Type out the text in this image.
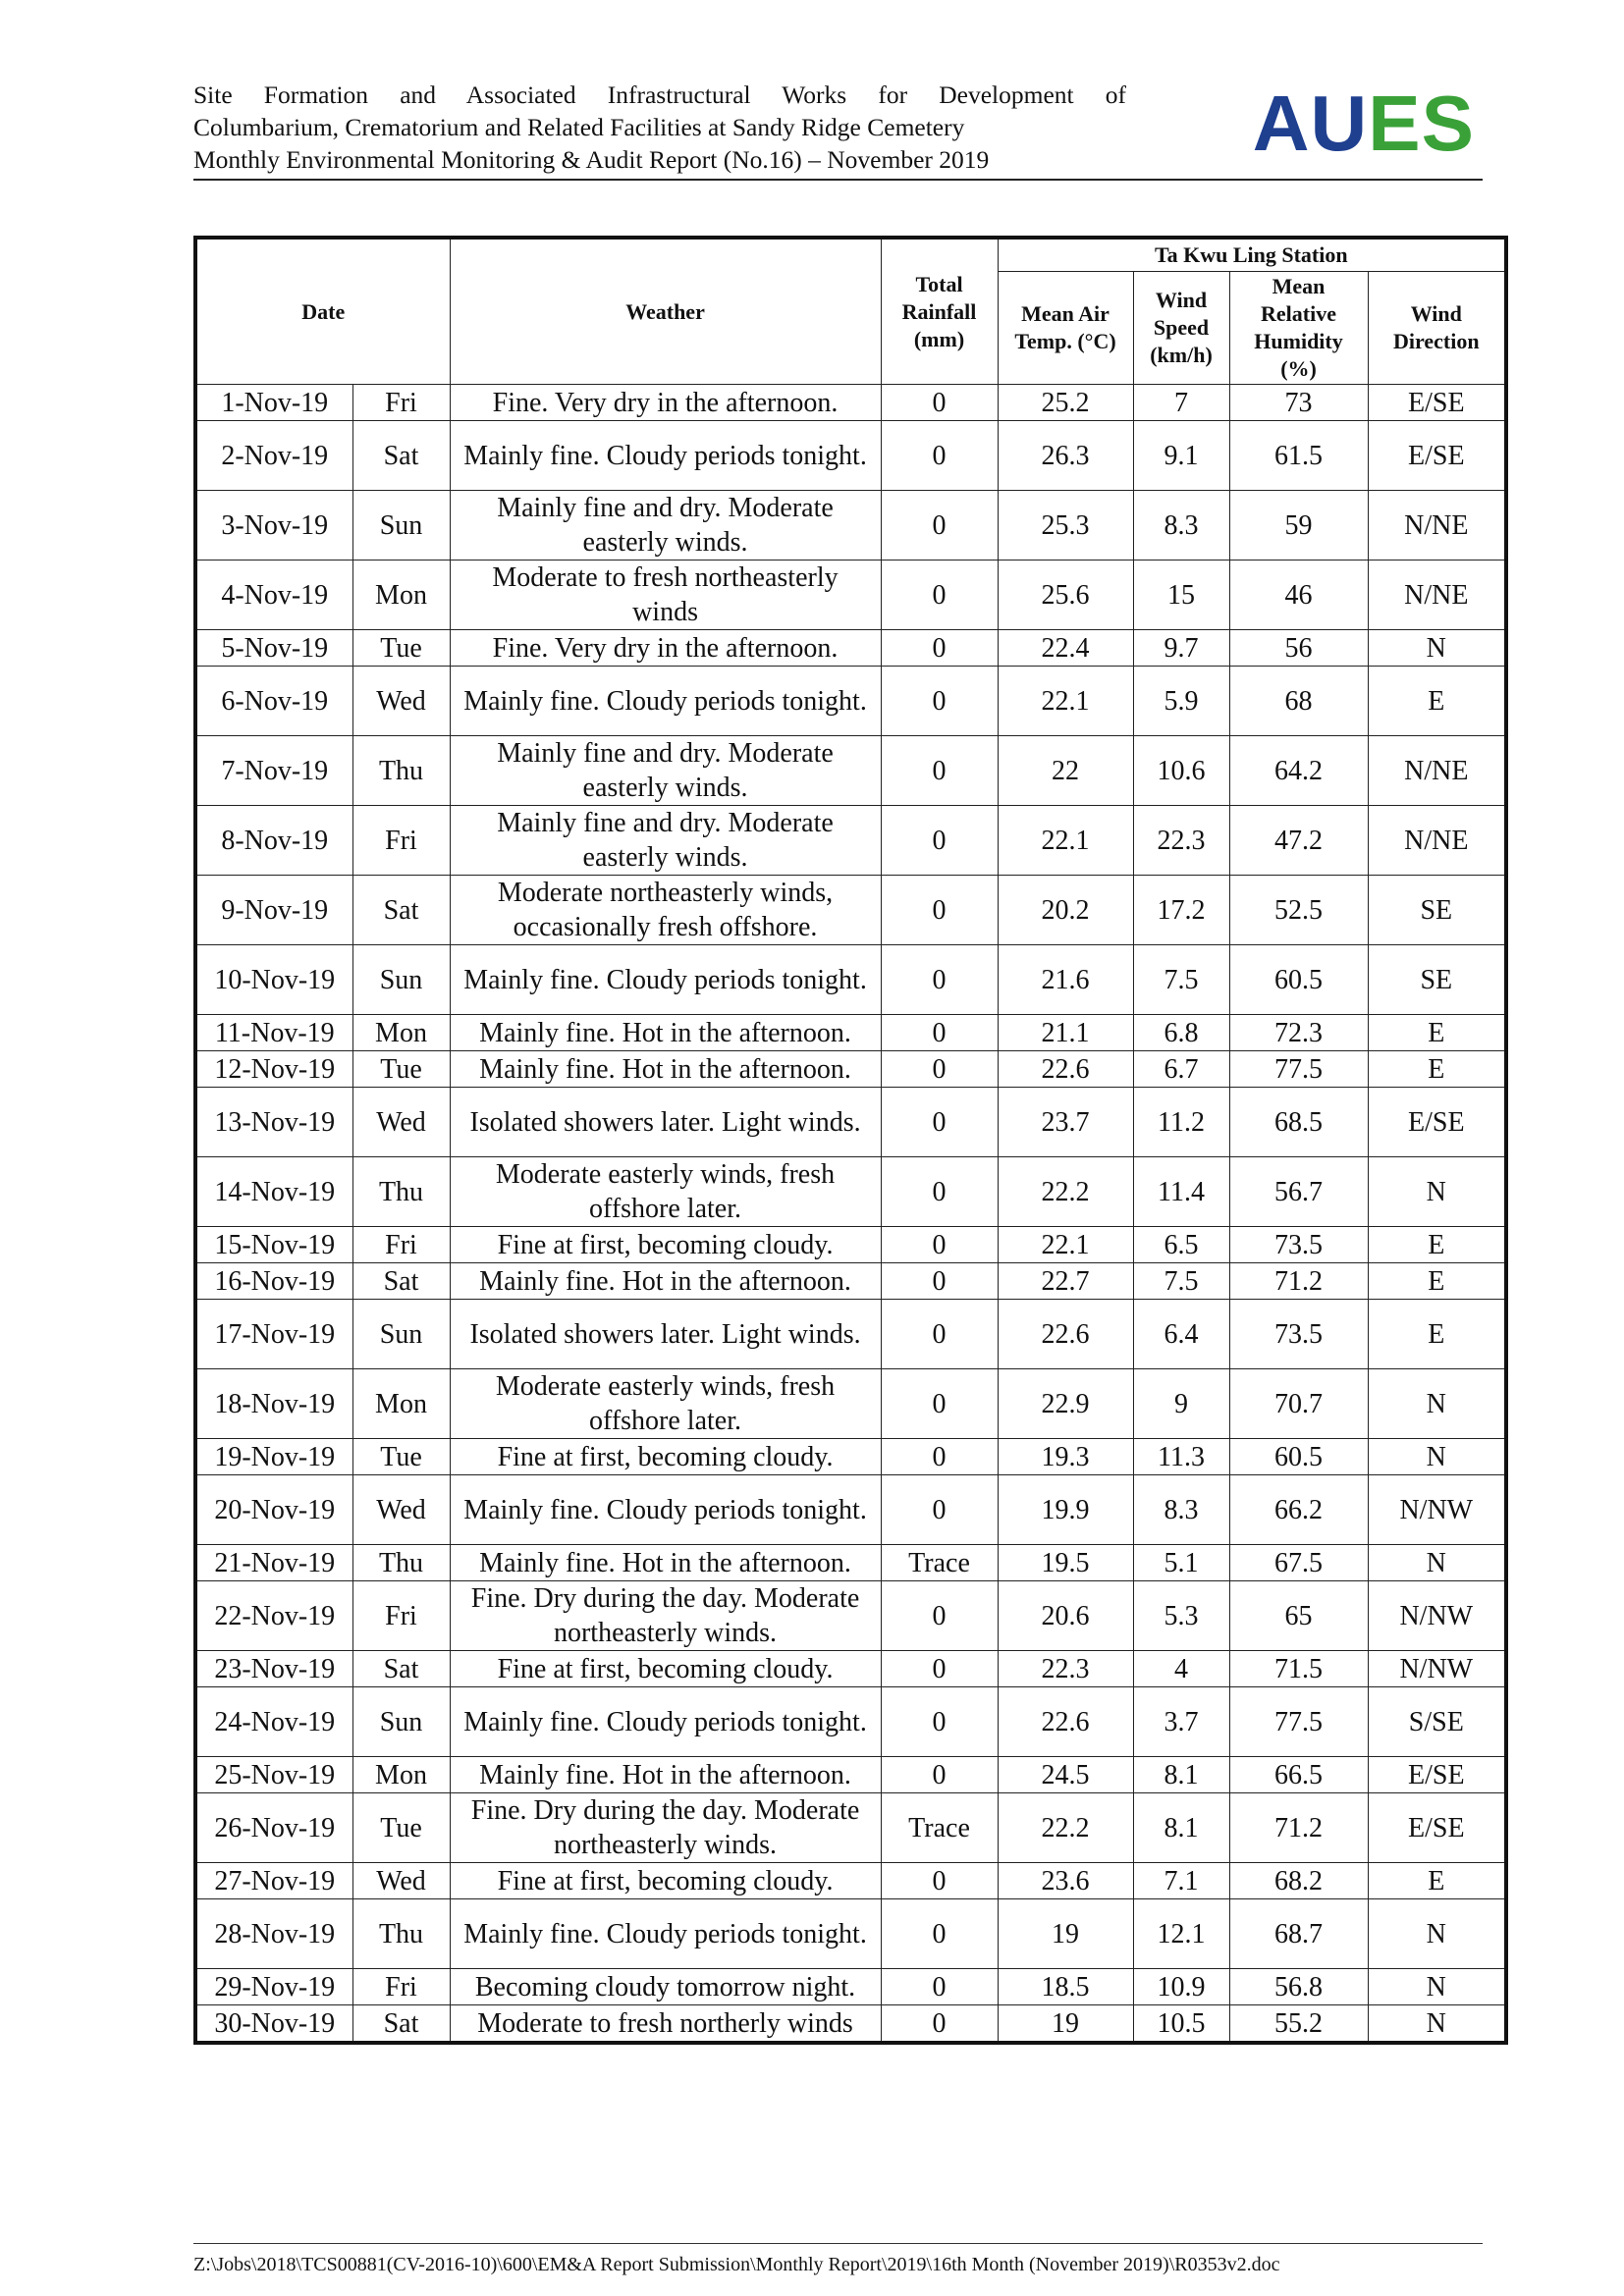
Site Formation and Associated Infrastructural Works for Development of
Columbarium, Crematorium and Related Facilities at Sandy Ridge Cemetery
Monthly Environmental Monitoring & Audit Report (No.16) – November 2019	AUES
Date		Weather	Total Rainfall (mm)	Ta Kwu Ling Station			
				Mean Air Temp. (°C)	Wind Speed (km/h)	Mean Relative Humidity (%)	Wind Direction
1-Nov-19	Fri	Fine. Very dry in the afternoon.	0	25.2	7	73	E/SE
2-Nov-19	Sat	Mainly fine. Cloudy periods tonight.	0	26.3	9.1	61.5	E/SE
3-Nov-19	Sun	Mainly fine and dry. Moderate easterly winds.	0	25.3	8.3	59	N/NE
4-Nov-19	Mon	Moderate to fresh northeasterly winds	0	25.6	15	46	N/NE
5-Nov-19	Tue	Fine. Very dry in the afternoon.	0	22.4	9.7	56	N
6-Nov-19	Wed	Mainly fine. Cloudy periods tonight.	0	22.1	5.9	68	E
7-Nov-19	Thu	Mainly fine and dry. Moderate easterly winds.	0	22	10.6	64.2	N/NE
8-Nov-19	Fri	Mainly fine and dry. Moderate easterly winds.	0	22.1	22.3	47.2	N/NE
9-Nov-19	Sat	Moderate northeasterly winds, occasionally fresh offshore.	0	20.2	17.2	52.5	SE
10-Nov-19	Sun	Mainly fine. Cloudy periods tonight.	0	21.6	7.5	60.5	SE
11-Nov-19	Mon	Mainly fine. Hot in the afternoon.	0	21.1	6.8	72.3	E
12-Nov-19	Tue	Mainly fine. Hot in the afternoon.	0	22.6	6.7	77.5	E
13-Nov-19	Wed	Isolated showers later. Light winds.	0	23.7	11.2	68.5	E/SE
14-Nov-19	Thu	Moderate easterly winds, fresh offshore later.	0	22.2	11.4	56.7	N
15-Nov-19	Fri	Fine at first, becoming cloudy.	0	22.1	6.5	73.5	E
16-Nov-19	Sat	Mainly fine. Hot in the afternoon.	0	22.7	7.5	71.2	E
17-Nov-19	Sun	Isolated showers later. Light winds.	0	22.6	6.4	73.5	E
18-Nov-19	Mon	Moderate easterly winds, fresh offshore later.	0	22.9	9	70.7	N
19-Nov-19	Tue	Fine at first, becoming cloudy.	0	19.3	11.3	60.5	N
20-Nov-19	Wed	Mainly fine. Cloudy periods tonight.	0	19.9	8.3	66.2	N/NW
21-Nov-19	Thu	Mainly fine. Hot in the afternoon.	Trace	19.5	5.1	67.5	N
22-Nov-19	Fri	Fine. Dry during the day. Moderate northeasterly winds.	0	20.6	5.3	65	N/NW
23-Nov-19	Sat	Fine at first, becoming cloudy.	0	22.3	4	71.5	N/NW
24-Nov-19	Sun	Mainly fine. Cloudy periods tonight.	0	22.6	3.7	77.5	S/SE
25-Nov-19	Mon	Mainly fine. Hot in the afternoon.	0	24.5	8.1	66.5	E/SE
26-Nov-19	Tue	Fine. Dry during the day. Moderate northeasterly winds.	Trace	22.2	8.1	71.2	E/SE
27-Nov-19	Wed	Fine at first, becoming cloudy.	0	23.6	7.1	68.2	E
28-Nov-19	Thu	Mainly fine. Cloudy periods tonight.	0	19	12.1	68.7	N
29-Nov-19	Fri	Becoming cloudy tomorrow night.	0	18.5	10.9	56.8	N
30-Nov-19	Sat	Moderate to fresh northerly winds	0	19	10.5	55.2	N
Z:\Jobs\2018\TCS00881(CV-2016-10)\600\EM&A Report Submission\Monthly Report\2019\16th Month (November 2019)\R0353v2.doc
